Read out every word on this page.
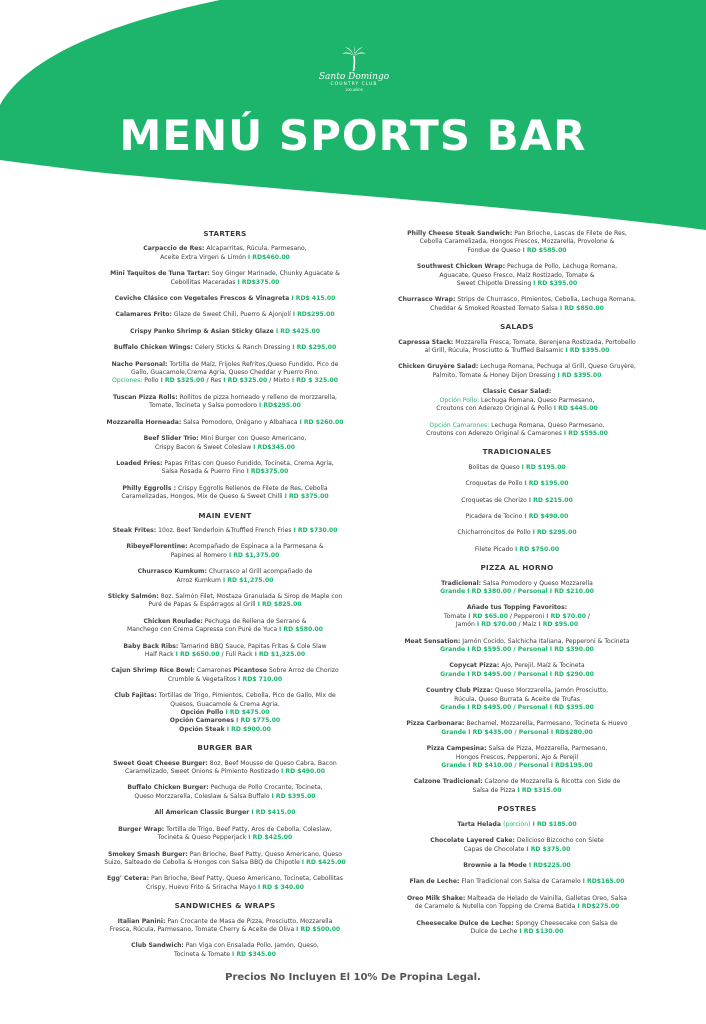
Santo Domingo
COUNTRY CLUB
100 AÑOS
MENÚ SPORTS BAR
STARTERS
Carpaccio de Res: Alcaparritas, Rúcula, Parmesano,
Aceite Extra Virgen & Limón I RD$460.00
Mini Taquitos de Tuna Tartar: Soy Ginger Marinade, Chunky Aguacate &
Cebollitas Maceradas I RD$375.00
Ceviche Clásico con Vegetales Frescos & Vinagreta I RD$ 415.00
Calamares Frito: Glaze de Sweet Chili, Puerro & Ajonjolí I RD$295.00
Crispy Panko Shrimp & Asian Sticky Glaze I RD $425.00
Buffalo Chicken Wings: Celery Sticks & Ranch Dressing I RD $295.00
Nacho Personal: Tortilla de Maíz, Frijoles Refritos,Queso Fundido, Pico de
Gallo, Guacamole,Crema Agria, Queso Cheddar y Puerro Fino.
Opciones: Pollo I RD $325.00 / Res I RD $325.00 / Mixto I RD $ 325.00
Tuscan Pizza Rolls: Rollitos de pizza horneado y relleno de morzzarella,
Tomate, Tocineta y Salsa pomodoro I RD$295.00
Mozzarella Horneada: Salsa Pomodoro, Orégano y Albahaca I RD $260.00
Beef Slider Trio: Mini Burger con Queso Americano,
Crispy Bacon & Sweet Coleslaw I RD$345.00
Loaded Fries: Papas Fritas con Queso Fundido, Tocineta, Crema Agria,
Salsa Rosada & Puerro Fino I RD$375.00
Philly Eggrolls : Crispy Eggrolls Rellenos de Filete de Res, Cebolla
Caramelizadas, Hongos, Mix de Queso & Sweet Chilli I RD $375.00
MAIN EVENT
Steak Frites: 10oz. Beef Tenderloin &Truffled French Fries I RD $730.00
RibeyeFlorentine: Acompañado de Espinaca a la Parmesana &
Papines al Romero I RD $1,375.00
Churrasco Kumkum: Churrasco al Grill acompañado de
Arroz Kumkum I RD $1,275.00
Sticky Salmón: 8oz. Salmón Filet, Mostaza Granulada & Sirop de Maple con
Puré de Papas & Espárragos al Grill I RD $825.00
Chicken Roulade: Pechuga de Rellena de Serrano &
Manchego con Crema Capressa con Puré de Yuca I RD $580.00
Baby Back Ribs: Tamarind BBQ Sauce, Papitas Fritas & Cole Slaw
Half Rack I RD $650.00 / Full Rack I RD $1,325.00
Cajun Shrimp Rice Bowl: Camarones Picantoso Sobre Arroz de Chorizo
Crumble & Vegetalitos I RD$ 710.00
Club Fajitas: Tortillas de Trigo, Pimientos, Cebolla, Pico de Gallo, Mix de
Quesos, Guacamole & Crema Agria.
Opción Pollo I RD $475.00
Opción Camarones I RD $775.00
Opción Steak I RD $900.00
BURGER BAR
Sweet Goat Cheese Burger: 8oz. Beef Mousse de Queso Cabra, Bacon
Caramelizado, Sweet Onions & Pimiento Rostizado I RD $490.00
Buffalo Chicken Burger: Pechuga de Pollo Crocante, Tocineta,
Queso Morzzarella, Coleslaw & Salsa Buffalo I RD $395.00
All American Classic Burger I RD $415.00
Burger Wrap: Tortilla de Trigo, Beef Patty, Aros de Cebolla, Coleslaw,
Tocineta & Queso Pepperjack I RD $425.00
Smokey Smash Burger: Pan Brioche, Beef Patty, Queso Americano, Queso
Suizo, Salteado de Cebolla & Hongos con Salsa BBQ de Chipotle I RD $425.00
Egg' Cetera: Pan Brioche, Beef Patty, Queso Americano, Tocineta, Cebollitas
Crispy, Huevo Frito & Sriracha Mayo I RD $ 340.00
SANDWICHES & WRAPS
Italian Panini: Pan Crocante de Masa de Pizza, Prosciutto, Mozzarella
Fresca, Rúcula, Parmesano, Tomate Cherry & Aceite de Oliva I RD $500.00
Club Sandwich: Pan Viga con Ensalada Pollo, Jamón, Queso,
Tocineta & Tomate I RD $345.00
Philly Cheese Steak Sandwich: Pan Brioche, Lascas de Filete de Res,
Cebolla Caramelizada, Hongos Frescos, Mozzarella, Provolone &
Fondue de Queso I RD $585.00
Southwest Chicken Wrap: Pechuga de Pollo, Lechuga Romana,
Aguacate, Queso Fresco, Maíz Rostizado, Tomate &
Sweet Chipotle Dressing I RD $395.00
Churrasco Wrap: Strips de Churrasco, Pimientos, Cebolla, Lechuga Romana,
Cheddar & Smoked Roasted Tomato Salsa I RD $850.00
SALADS
Capressa Stack: Mozzarella Fresca, Tomate, Berenjena Rostizada, Portobello
al Grill, Rúcula, Prosciutto & Truffled Balsamic I RD $395.00
Chicken Gruyère Salad: Lechuga Romana, Pechuga al Grill, Queso Gruyère,
Palmito, Tomate & Honey Dijon Dressing I RD $395.00
Classic Cesar Salad:
Opción Pollo: Lechuga Romana, Queso Parmesano,
Croutons con Aderezo Original & Pollo I RD $445.00
Opción Camarones: Lechuga Romana, Queso Parmesano,
Croutons con Aderezo Original & Camarones I RD $595.00
TRADICIONALES
Bolitas de Queso I RD $195.00
Croquetas de Pollo I RD $195.00
Croquetas de Chorizo I RD $215.00
Picadera de Tocino I RD $490.00
Chicharroncitos de Pollo I RD $295.00
Filete Picado I RD $750.00
PIZZA AL HORNO
Tradicional: Salsa Pomodoro y Queso Mozzarella
Grande I RD $380.00 / Personal I RD $210.00
Añade tus Topping Favoritos:
Tomate I RD $65.00 / Pepperoni I RD $70.00 /
Jamón I RD $70.00 / Maíz I RD $95.00
Meat Sensation: Jamón Cocido, Salchicha Italiana, Pepperoni & Tocineta
Grande I RD $595.00 / Personal I RD $390.00
Copycat Pizza: Ajo, Perejil, Maíz & Tocineta
Grande I RD $495.00 / Personal I RD $290.00
Country Club Pizza: Queso Morzzarella, Jamón Prosciutto,
Rúcula, Queso Burrata & Aceite de Trufas
Grande I RD $495.00 / Personal I RD $395.00
Pizza Carbonara: Bechamel, Mozzarella, Parmesano, Tocineta & Huevo
Grande I RD $435.00 / Personal I RD$280.00
Pizza Campesina: Salsa de Pizza, Mozzarella, Parmesano,
Hongos Frescos, Pepperoni, Ajo & Perejil
Grande I RD $410.00 / Personal I RD$195.00
Calzone Tradicional: Calzone de Mozzarella & Ricotta con Side de
Salsa de Pizza I RD $315.00
POSTRES
Tarta Helada (porción) I RD $185.00
Chocolate Layered Cake: Delicioso Bizcocho con Siete
Capas de Chocolate I RD $375.00
Brownie a la Mode I RD$225.00
Flan de Leche: Flan Tradicional con Salsa de Caramelo I RD$165.00
Oreo Milk Shake: Malteada de Helado de Vainilla, Galletas Oreo, Salsa
de Caramelo & Nutella con Topping de Crema Batida I RD$275.00
Cheesecake Dulce de Leche: Spongy Cheesecake con Salsa de
Dulce de Leche I RD $130.00
Precios No Incluyen El 10% De Propina Legal.
